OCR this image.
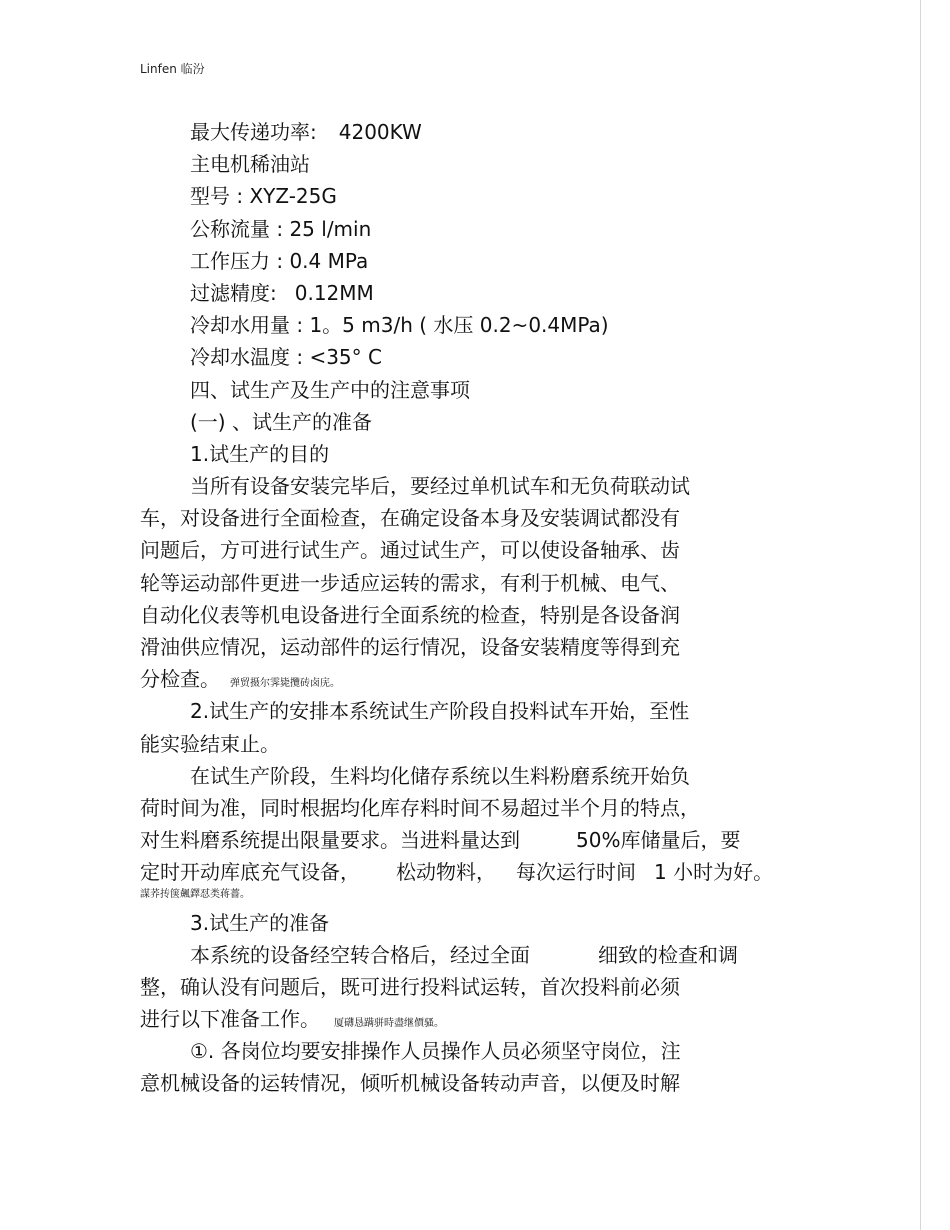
Linfen 临汾
最大传递功率: 4200KW
主电机稀油站
型号 : XYZ-25G
公称流量 : 25 l/min
工作压力 : 0.4 MPa
过滤精度: 0.12MM
冷却水用量 : 1。5 m3/h ( 水压 0.2~0.4MPa)
冷却水温度 : <35° C
四、试生产及生产中的注意事项
(一) 、试生产的准备
1.试生产的目的
当所有设备安装完毕后，要经过单机试车和无负荷联动试
车，对设备进行全面检查，在确定设备本身及安装调试都没有
问题后，方可进行试生产。通过试生产，可以使设备轴承、齿
轮等运动部件更进一步适应运转的需求，有利于机械、电气、
自动化仪表等机电设备进行全面系统的检查，特别是各设备润
滑油供应情况，运动部件的运行情况，设备安装精度等得到充
分检查。 弹贸摄尔霁毙攬砖卤庑。
2.试生产的安排本系统试生产阶段自投料试车开始，至性
能实验结束止。
在试生产阶段，生料均化储存系统以生料粉磨系统开始负
荷时间为准，同时根据均化库存料时间不易超过半个月的特点，
对生料磨系统提出限量要求。当进料量达到	50%库储量后，要
定时开动库底充气设备， 松动物料， 每次运行时间 1 小时为好。
謀荞抟箧飆鐸怼类蒋薔。
3.试生产的准备
本系统的设备经空转合格后，经过全面	细致的检查和调
整，确认没有问题后，既可进行投料试运转，首次投料前必须
进行以下准备工作。 厦礴恳蹒骈時盡继價骚。
①. 各岗位均要安排操作人员操作人员必须坚守岗位，注
意机械设备的运转情况，倾听机械设备转动声音，以便及时解
